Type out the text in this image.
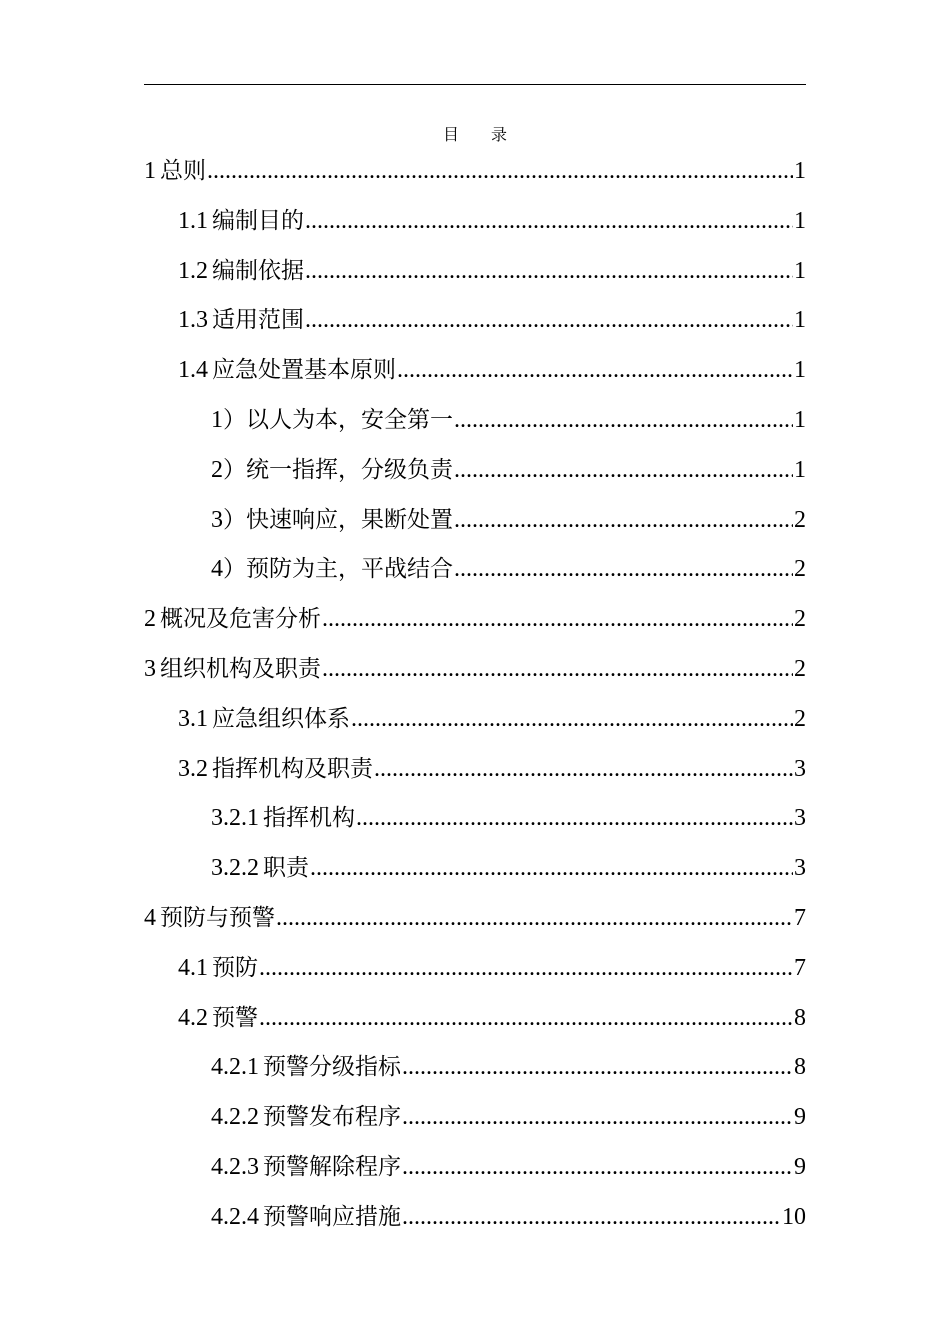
目 录
1 总则 .....	1
1.1 编制目的 .....	1
1.2 编制依据 .....	1
1.3 适用范围 .....	1
1.4 应急处置基本原则 .....	1
1）以人为本，安全第一 .....	1
2）统一指挥，分级负责 .....	1
3）快速响应，果断处置 .....	2
4）预防为主，平战结合 .....	2
2 概况及危害分析 .....	2
3 组织机构及职责 .....	2
3.1 应急组织体系 .....	2
3.2 指挥机构及职责 .....	3
3.2.1 指挥机构 .....	3
3.2.2 职责 .....	3
4 预防与预警 .....	7
4.1 预防 .....	7
4.2 预警 .....	8
4.2.1 预警分级指标 .....	8
4.2.2 预警发布程序 .....	9
4.2.3 预警解除程序 .....	9
4.2.4 预警响应措施 .....	10
